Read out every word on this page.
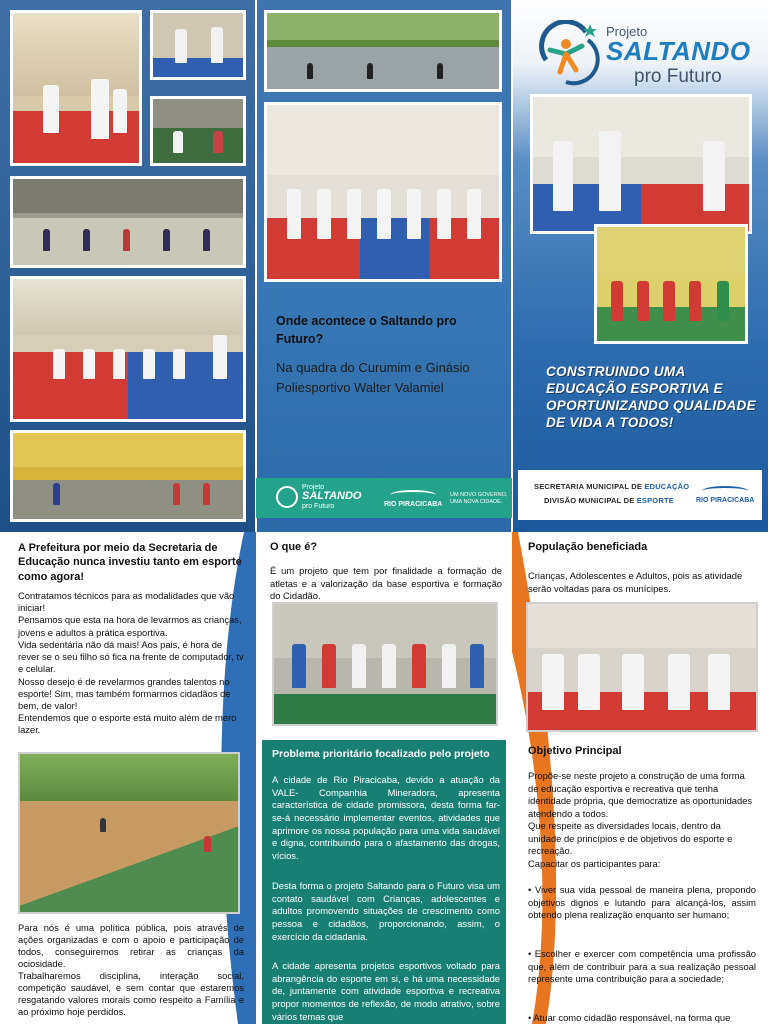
Onde acontece o Saltando pro Futuro?
Na quadra do Curumim e Ginásio Poliesportivo Walter Valamiel
Projeto
SALTANDO
pro Futuro	RIO PIRACICABA
UM NOVO GOVERNO,
UMA NOVA CIDADE.
Projeto
SALTANDO
pro Futuro
CONSTRUINDO UMA EDUCAÇÃO ESPORTIVA E OPORTUNIZANDO QUALIDADE DE VIDA A TODOS!
SECRETARIA MUNICIPAL DE EDUCAÇÃO
DIVISÃO MUNICIPAL DE ESPORTE	RIO PIRACICABA
A Prefeitura por meio da Secretaria de Educação nunca investiu tanto em esporte como agora!
Contratamos técnicos para as modalidades que vão iniciar!
Pensamos que esta na hora de levarmos as crianças, jovens e adultos à prática esportiva.
Vida sedentária não dá mais! Aos pais, é hora de rever se o seu filho só fica na frente de computador, tv e celular.
Nosso desejo é de revelarmos grandes talentos no esporte! Sim, mas também formarmos cidadãos de bem, de valor!
Entendemos que o esporte está muito além de mero lazer.
Para nós é uma política pública, pois através de ações organizadas e com o apoio e participação de todos, conseguiremos retirar as crianças da ociosidade.
Trabalharemos disciplina, interação social, competição saudável, e sem contar que estaremos resgatando valores morais como respeito a Família e ao próximo hoje perdidos.
O que é?
É um projeto que tem por finalidade a formação de atletas e a valorização da base esportiva e formação do Cidadão.
Problema prioritário focalizado pelo projeto
A cidade de Rio Piracicaba, devido a atuação da VALE- Companhia Mineradora, apresenta característica de cidade promissora, desta forma far-se-á necessário implementar eventos, atividades que aprimore os nossa população para uma vida saudável e digna, contribuindo para o afastamento das drogas, vícios.
Desta forma o projeto Saltando para o Futuro visa um contato saudável com Crianças, adolescentes e adultos promovendo situações de crescimento como pessoa e cidadãos, proporcionando, assim, o exercício da cidadania.
A cidade apresenta projetos esportivos voltado para abrangência do esporte em si, e há uma necessidade de, juntamente com atividade esportiva e recreativa propor momentos de reflexão, de modo atrativo, sobre vários temas que
População beneficiada
Crianças, Adolescentes e Adultos, pois as atividade serão voltadas para os munícipes.
Objetivo Principal
Propõe-se neste projeto a construção de uma forma de educação esportiva e recreativa que tenha identidade própria, que democratize as oportunidades atendendo a todos.
Que respeite as diversidades locais, dentro da unidade de princípios e de objetivos do esporte e recreação.
Capacitar os participantes para:
• Viver sua vida pessoal de maneira plena, propondo objetivos dignos e lutando para alcançá-los, assim obtendo plena realização enquanto ser humano;
• Escolher e exercer com competência uma profissão que, além de contribuir para a sua realização pessoal represente uma contribuição para a sociedade;
• Atuar como cidadão responsável, na forma que
